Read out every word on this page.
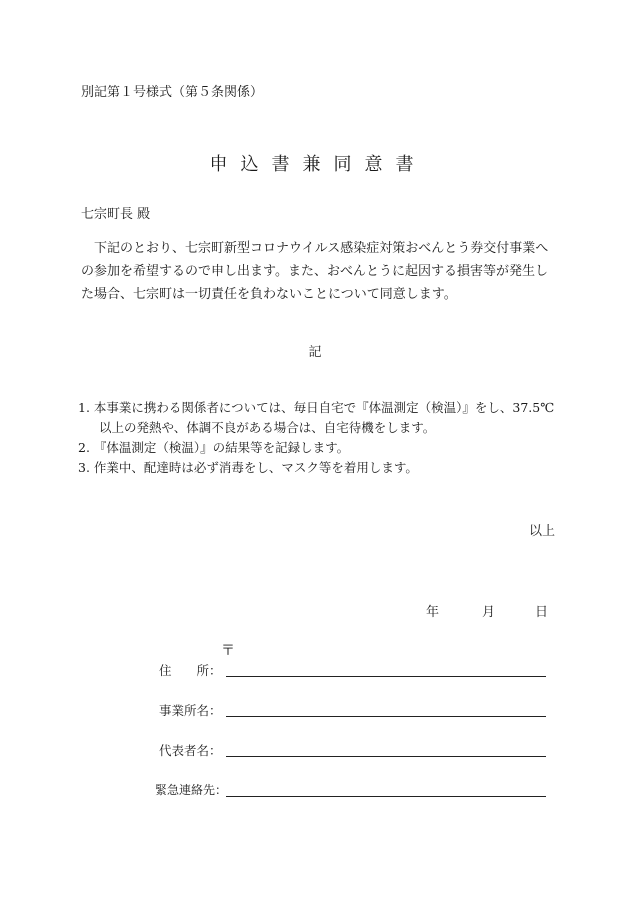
別記第１号様式（第５条関係）
申込書兼同意書
七宗町長 殿
　下記のとおり、七宗町新型コロナウイルス感染症対策おべんとう券交付事業への参加を希望するので申し出ます。また、おべんとうに起因する損害等が発生した場合、七宗町は一切責任を負わないことについて同意します。
記
1. 本事業に携わる関係者については、毎日自宅で『体温測定（検温）』をし、37.5℃
以上の発熱や、体調不良がある場合は、自宅待機をします。
2. 『体温測定（検温）』の結果等を記録します。
3. 作業中、配達時は必ず消毒をし、マスク等を着用します。
以上
年	月	日
〒
住　　所：
事業所名：
代表者名：
緊急連絡先：
